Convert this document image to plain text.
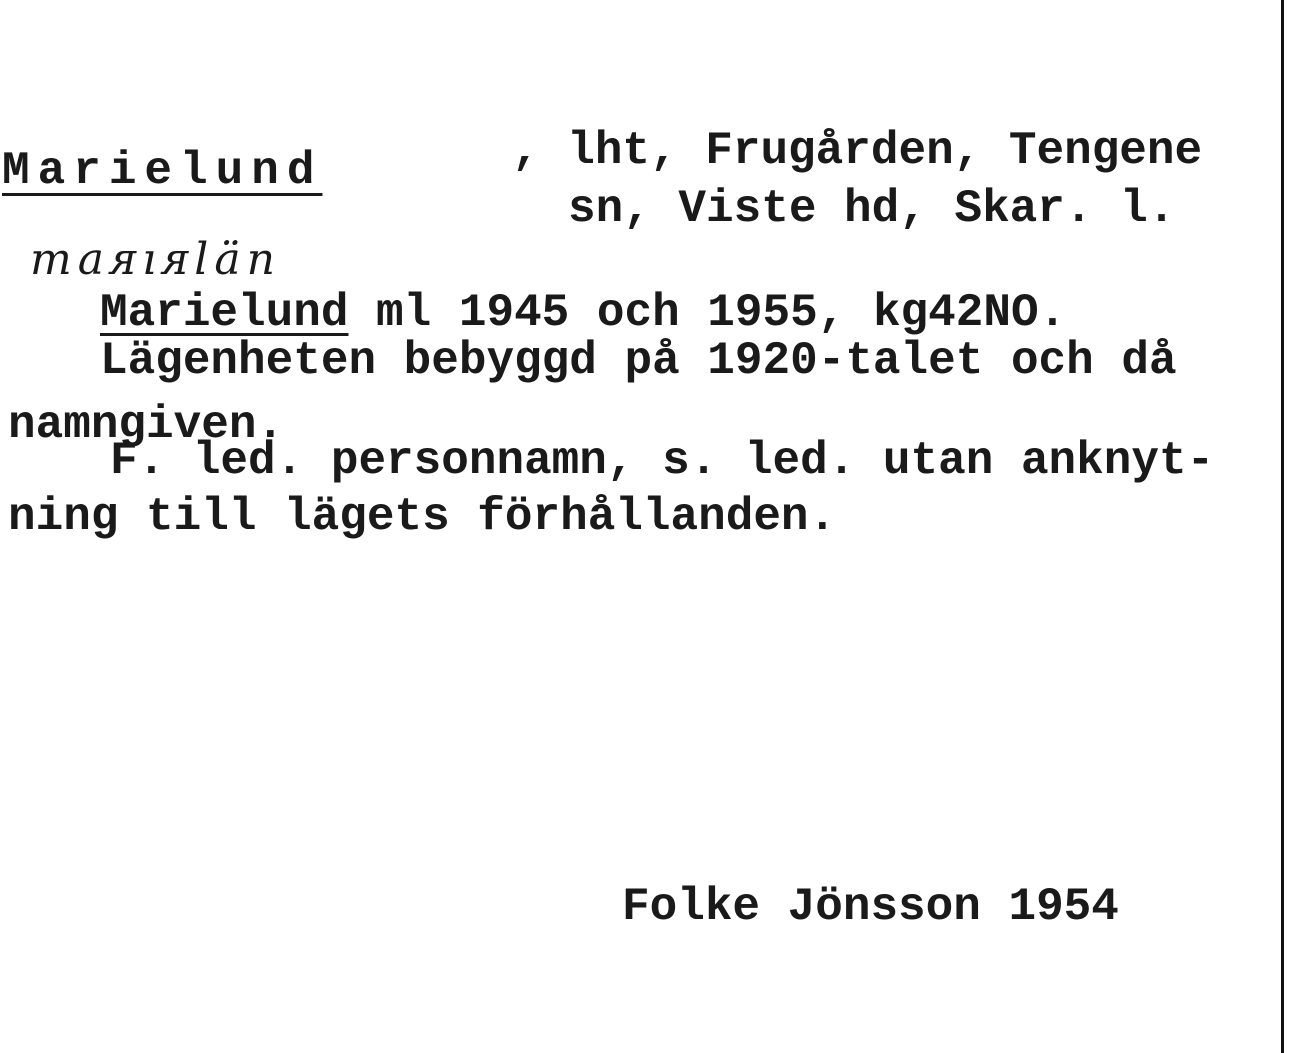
Marielund	, lht, Frugården, Tengene

sn, Viste hd, Skar. l.

maᴙıᴙlän

Marielund ml 1945 och 1955, kg42NO.

Lägenheten bebyggd på 1920-talet och då

namngiven.

F. led. personnamn, s. led. utan anknyt-

ning till lägets förhållanden.

Folke Jönsson 1954
